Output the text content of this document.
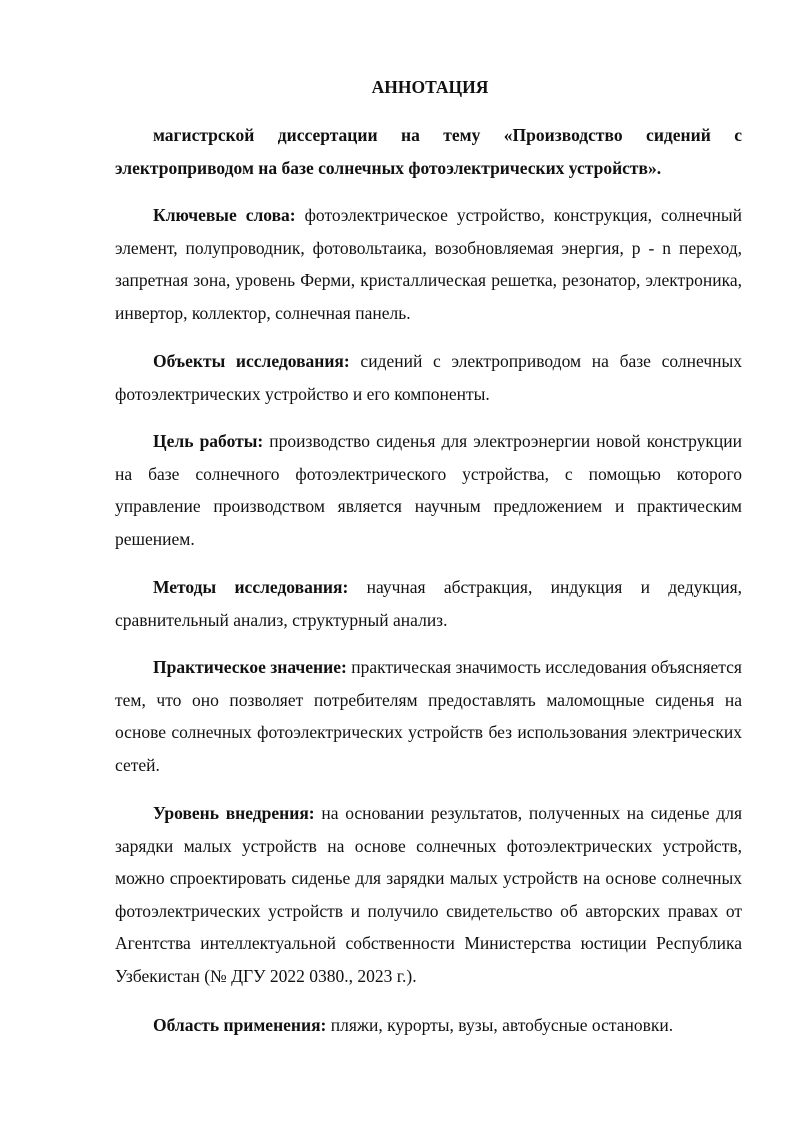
АННОТАЦИЯ

магистрской диссертации на тему «Производство сидений с электроприводом на базе солнечных фотоэлектрических устройств».

Ключевые слова: фотоэлектрическое устройство, конструкция, солнечный элемент, полупроводник, фотовольтаика, возобновляемая энергия, p - n переход, запретная зона, уровень Ферми, кристаллическая решетка, резонатор, электроника, инвертор, коллектор, солнечная панель.

Объекты исследования: сидений с электроприводом на базе солнечных фотоэлектрических устройство и его компоненты.

Цель работы: производство сиденья для электроэнергии новой конструкции на базе солнечного фотоэлектрического устройства, с помощью которого управление производством является научным предложением и практическим решением.

Методы исследования: научная абстракция, индукция и дедукция, сравнительный анализ, структурный анализ.

Практическое значение: практическая значимость исследования объясняется тем, что оно позволяет потребителям предоставлять маломощные сиденья на основе солнечных фотоэлектрических устройств без использования электрических сетей.

Уровень внедрения: на основании результатов, полученных на сиденье для зарядки малых устройств на основе солнечных фотоэлектрических устройств, можно спроектировать сиденье для зарядки малых устройств на основе солнечных фотоэлектрических устройств и получило свидетельство об авторских правах от Агентства интеллектуальной собственности Министерства юстиции Республика Узбекистан (№ ДГУ 2022 0380., 2023 г.).

Область применения: пляжи, курорты, вузы, автобусные остановки.
